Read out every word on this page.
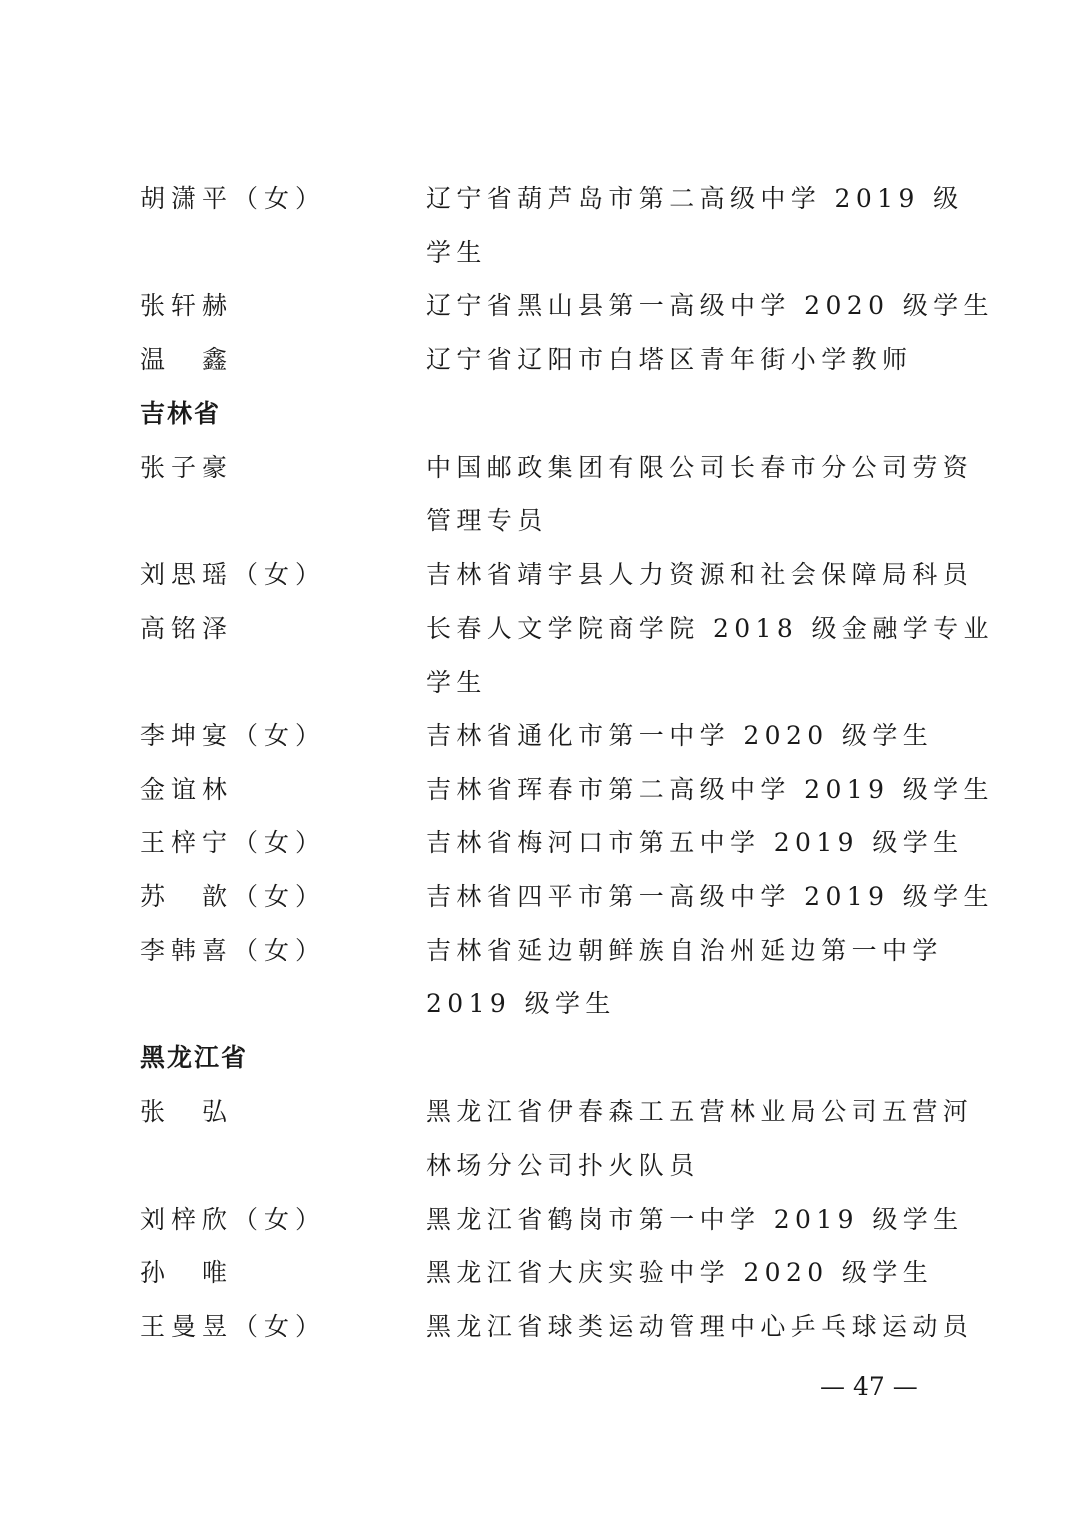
胡潇平（女）	辽宁省葫芦岛市第二高级中学 2019 级
学生
张轩赫	辽宁省黑山县第一高级中学 2020 级学生
温　鑫	辽宁省辽阳市白塔区青年街小学教师
吉林省
张子豪	中国邮政集团有限公司长春市分公司劳资
管理专员
刘思瑶（女）	吉林省靖宇县人力资源和社会保障局科员
高铭泽	长春人文学院商学院 2018 级金融学专业
学生
李坤宴（女）	吉林省通化市第一中学 2020 级学生
金谊林	吉林省珲春市第二高级中学 2019 级学生
王梓宁（女）	吉林省梅河口市第五中学 2019 级学生
苏　歆（女）	吉林省四平市第一高级中学 2019 级学生
李韩喜（女）	吉林省延边朝鲜族自治州延边第一中学
2019 级学生
黑龙江省
张　弘	黑龙江省伊春森工五营林业局公司五营河
林场分公司扑火队员
刘梓欣（女）	黑龙江省鹤岗市第一中学 2019 级学生
孙　唯	黑龙江省大庆实验中学 2020 级学生
王曼昱（女）	黑龙江省球类运动管理中心乒乓球运动员
— 47 —
